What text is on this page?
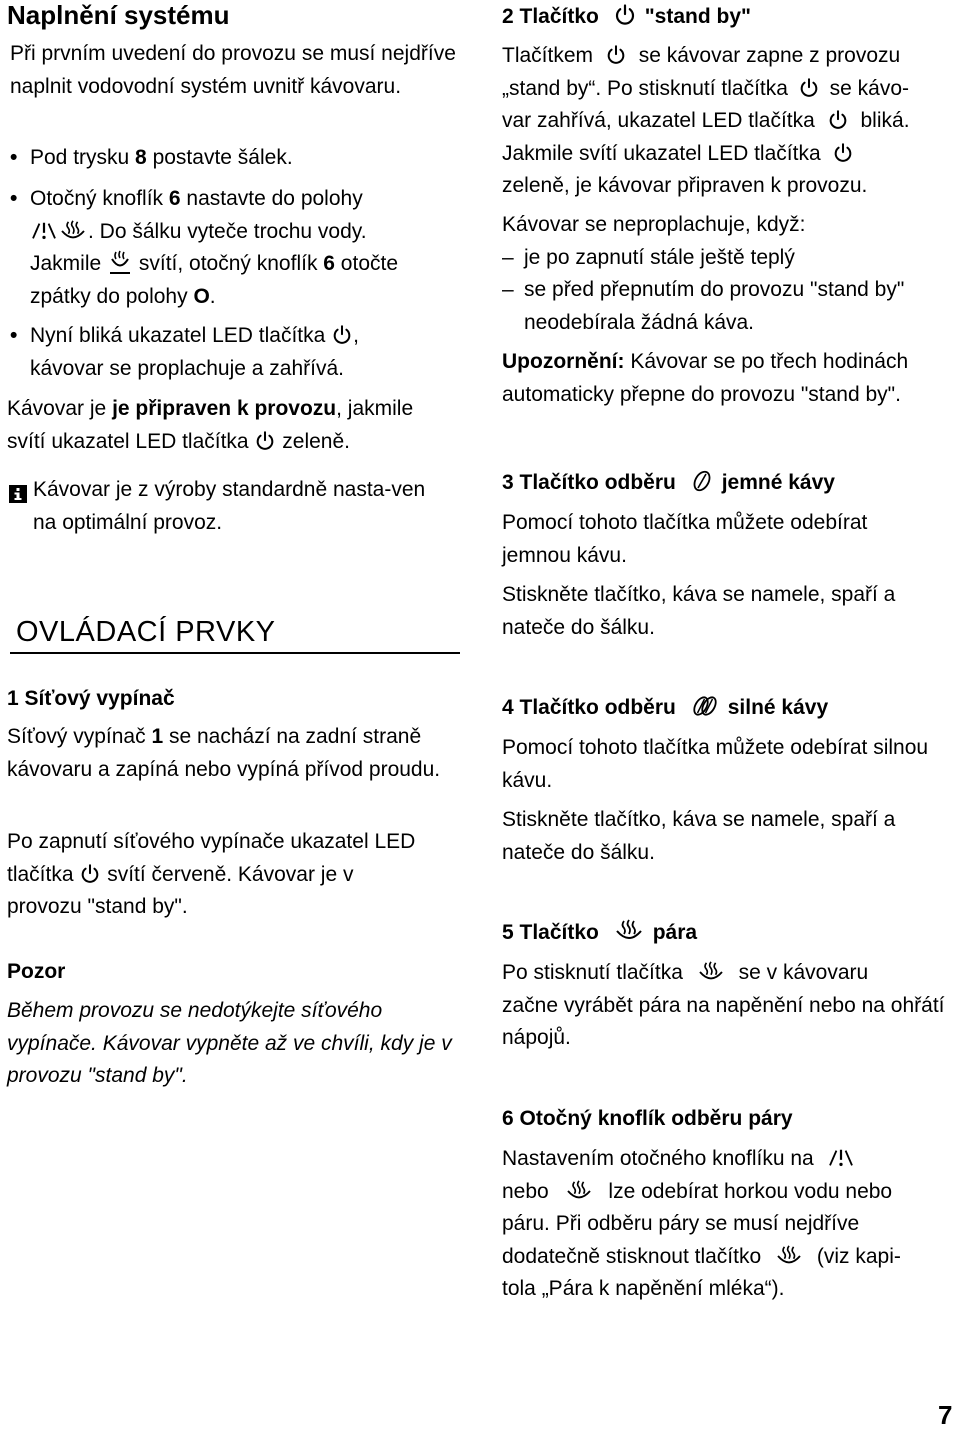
Naplnění systému

Při prvním uvedení do provozu se musí nejdříve naplnit vodovodní systém uvnitř kávovaru.

• Pod trysku 8 postavte šálek.
• Otočný knoflík 6 nastavte do polohy
. Do šálku vyteče trochu vody.
Jakmile
svítí, otočný knoflík 6 otočte
zpátky do polohy O.
• Nyní bliká ukazatel LED tlačítka ,
kávovar se proplachuje a zahřívá.
Kávovar je je připraven k provozu, jakmile
svítí ukazatel LED tlačítka
zeleně.
Kávovar je z výroby standardně nasta-ven na optimální provoz.
OVLÁDACÍ PRVKY
1 Síťový vypínač

Síťový vypínač 1 se nachází na zadní straně kávovaru a zapíná nebo vypíná přívod proudu.

Po zapnutí síťového vypínače ukazatel LED
tlačítka
svítí červeně. Kávovar je v
provozu "stand by".
Pozor

Během provozu se nedotýkejte síťového vypínače. Kávovar vypněte až ve chvíli, kdy je v provozu "stand by".

2 Tlačítko "stand by"
Tlačítkem se kávovar zapne z provozu
„stand by“. Po stisknutí tlačítka se kávo-
var zahřívá, ukazatel LED tlačítka bliká.
Jakmile svítí ukazatel LED tlačítka
zeleně, je kávovar připraven k provozu.
Kávovar se neproplachuje, když:
– je po zapnutí stále ještě teplý
– se před přepnutím do provozu "stand by" neodebírala žádná káva.

Upozornění: Kávovar se po třech hodinách automaticky přepne do provozu "stand by".

3 Tlačítko odběru jemné kávy

Pomocí tohoto tlačítka můžete odebírat jemnou kávu.

Stiskněte tlačítko, káva se namele, spaří a nateče do šálku.

4 Tlačítko odběru silné kávy

Pomocí tohoto tlačítka můžete odebírat silnou kávu.

Stiskněte tlačítko, káva se namele, spaří a nateče do šálku.

5 Tlačítko	pára
Po stisknutí tlačítka	se v kávovaru
začne vyrábět pára na napěnění nebo na ohřátí nápojů.
6 Otočný knoflík odběru páry
Nastavením otočného knoflíku na
nebo	lze odebírat horkou vodu nebo
páru. Při odběru páry se musí nejdříve
dodatečně stisknout tlačítko	(viz kapi-
tola „Pára k napěnění mléka“).
7
